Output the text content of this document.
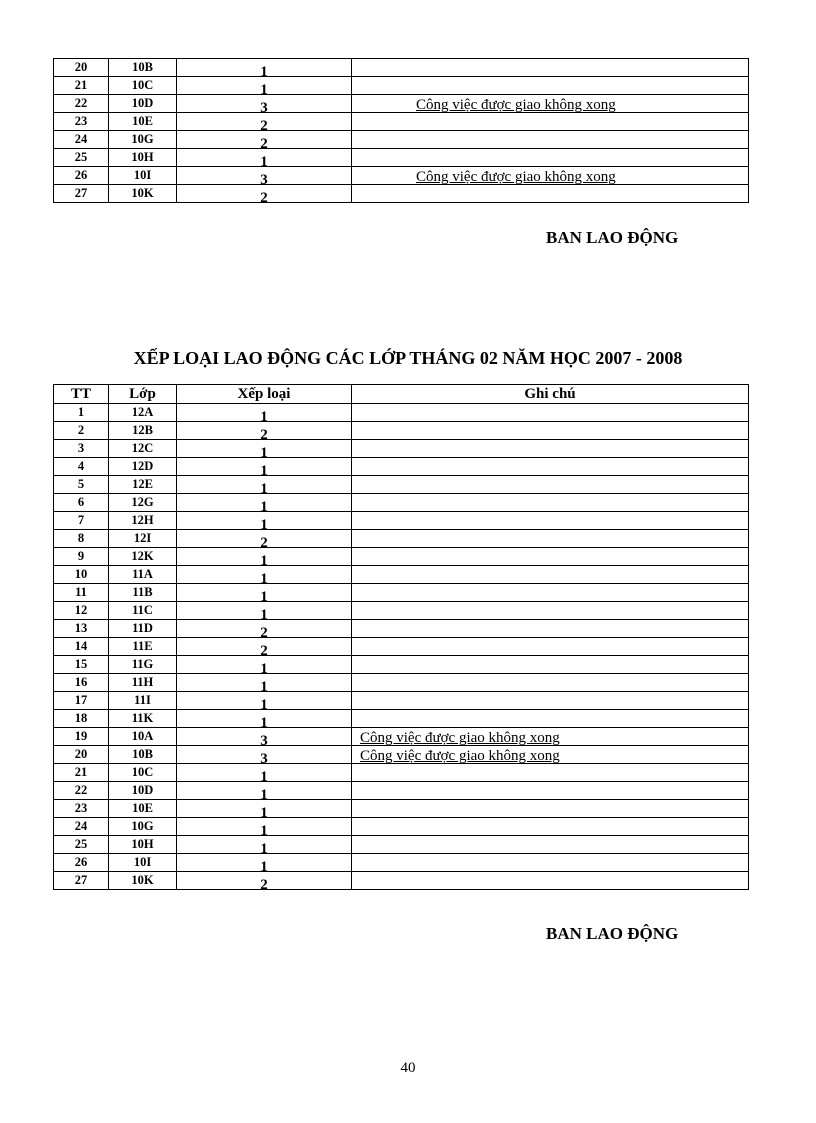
20	10B	1	
21	10C	1	
22	10D	3	Công việc được giao không xong
23	10E	2	
24	10G	2	
25	10H	1	
26	10I	3	Công việc được giao không xong
27	10K	2	
BAN LAO ĐỘNG
XẾP LOẠI LAO ĐỘNG CÁC LỚP THÁNG 02 NĂM HỌC 2007 - 2008
TT	Lớp	Xếp loại	Ghi chú
1	12A	1	
2	12B	2	
3	12C	1	
4	12D	1	
5	12E	1	
6	12G	1	
7	12H	1	
8	12I	2	
9	12K	1	
10	11A	1	
11	11B	1	
12	11C	1	
13	11D	2	
14	11E	2	
15	11G	1	
16	11H	1	
17	11I	1	
18	11K	1	
19	10A	3	Công việc được giao không xong
20	10B	3	Công việc được giao không xong
21	10C	1	
22	10D	1	
23	10E	1	
24	10G	1	
25	10H	1	
26	10I	1	
27	10K	2	
BAN LAO ĐỘNG
40
